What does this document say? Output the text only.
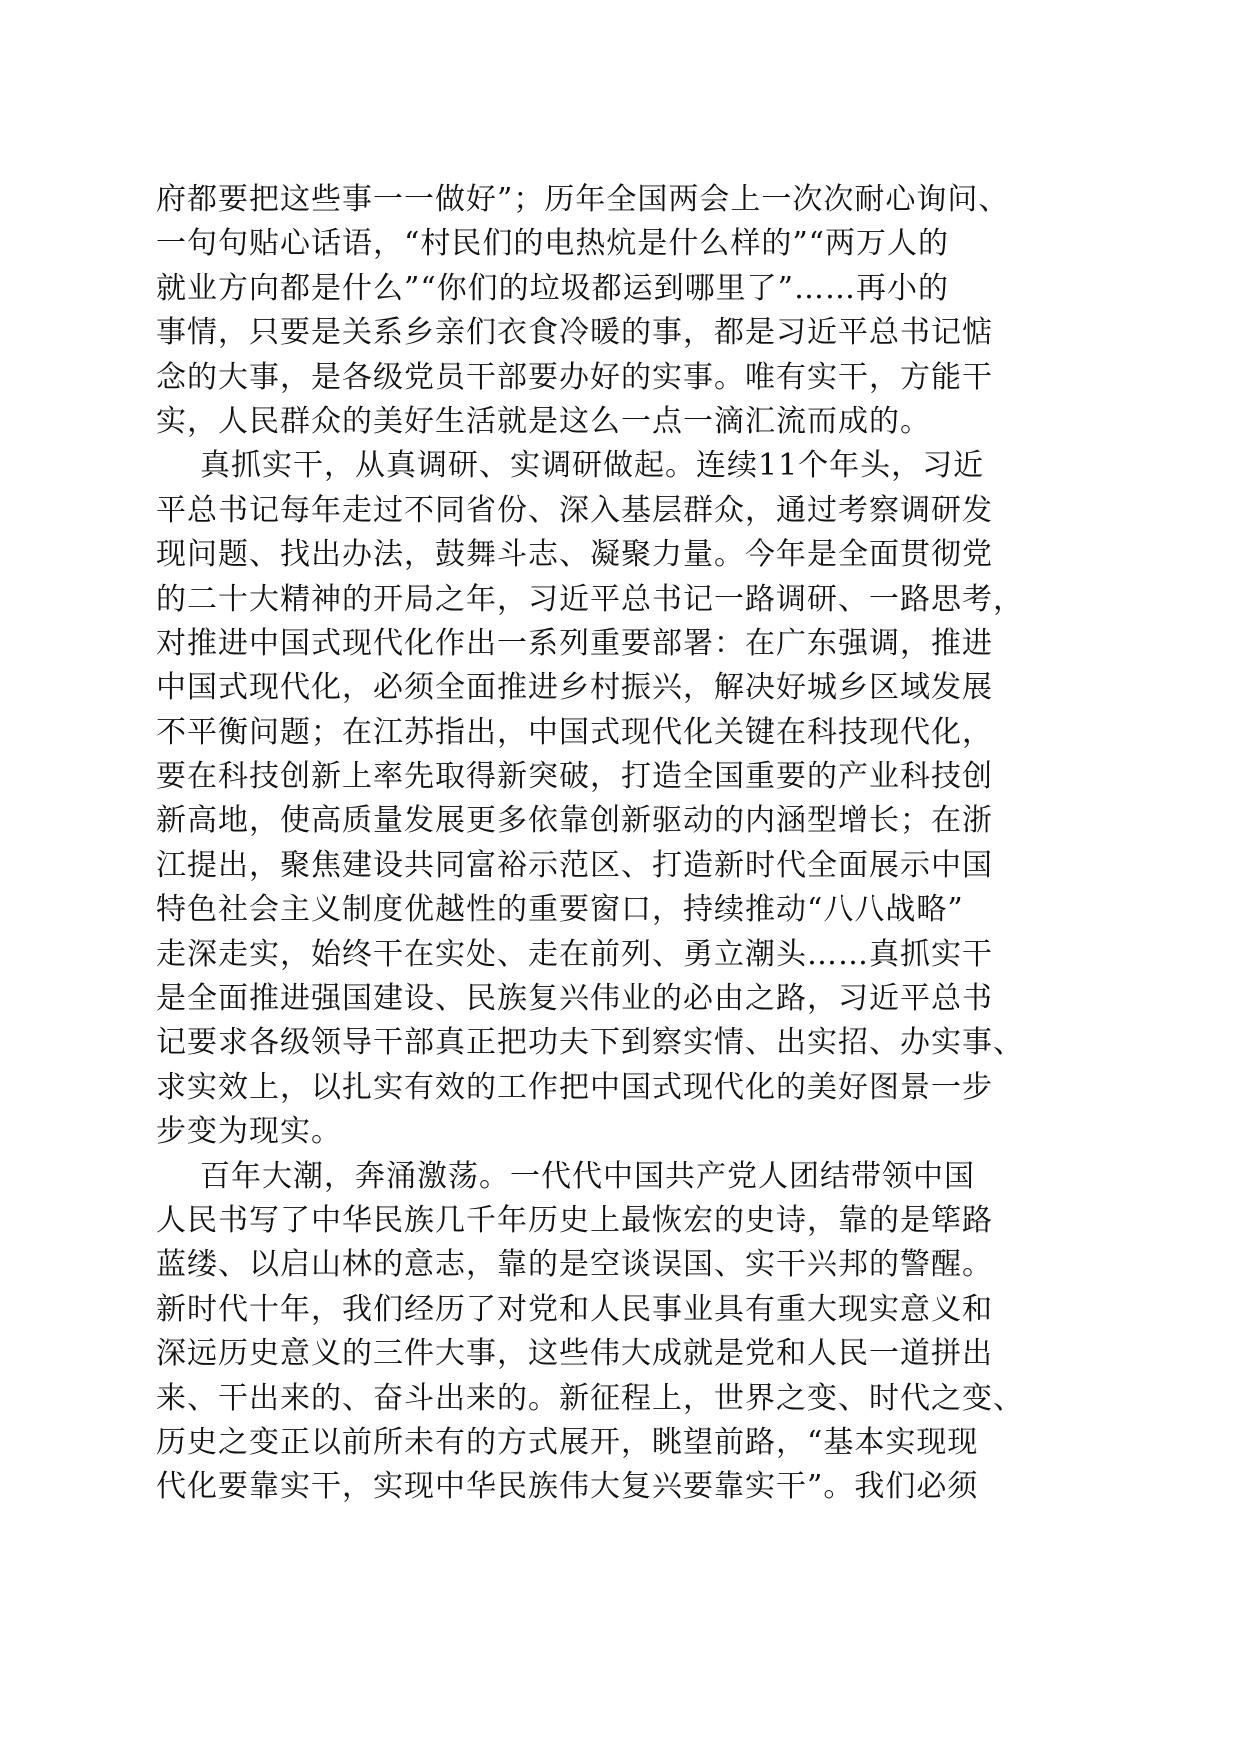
府都要把这些事一一做好”；历年全国两会上一次次耐心询问、
一句句贴心话语，“村民们的电热炕是什么样的”“两万人的
就业方向都是什么”“你们的垃圾都运到哪里了”……再小的
事情，只要是关系乡亲们衣食冷暖的事，都是习近平总书记惦
念的大事，是各级党员干部要办好的实事。唯有实干，方能干
实，人民群众的美好生活就是这么一点一滴汇流而成的。
真抓实干，从真调研、实调研做起。连续11个年头，习近
平总书记每年走过不同省份、深入基层群众，通过考察调研发
现问题、找出办法，鼓舞斗志、凝聚力量。今年是全面贯彻党
的二十大精神的开局之年，习近平总书记一路调研、一路思考，
对推进中国式现代化作出一系列重要部署：在广东强调，推进
中国式现代化，必须全面推进乡村振兴，解决好城乡区域发展
不平衡问题；在江苏指出，中国式现代化关键在科技现代化，
要在科技创新上率先取得新突破，打造全国重要的产业科技创
新高地，使高质量发展更多依靠创新驱动的内涵型增长；在浙
江提出，聚焦建设共同富裕示范区、打造新时代全面展示中国
特色社会主义制度优越性的重要窗口，持续推动“八八战略”
走深走实，始终干在实处、走在前列、勇立潮头……真抓实干
是全面推进强国建设、民族复兴伟业的必由之路，习近平总书
记要求各级领导干部真正把功夫下到察实情、出实招、办实事、
求实效上，以扎实有效的工作把中国式现代化的美好图景一步
步变为现实。
百年大潮，奔涌激荡。一代代中国共产党人团结带领中国
人民书写了中华民族几千年历史上最恢宏的史诗，靠的是筚路
蓝缕、以启山林的意志，靠的是空谈误国、实干兴邦的警醒。
新时代十年，我们经历了对党和人民事业具有重大现实意义和
深远历史意义的三件大事，这些伟大成就是党和人民一道拼出
来、干出来的、奋斗出来的。新征程上，世界之变、时代之变、
历史之变正以前所未有的方式展开，眺望前路，“基本实现现
代化要靠实干，实现中华民族伟大复兴要靠实干”。我们必须
